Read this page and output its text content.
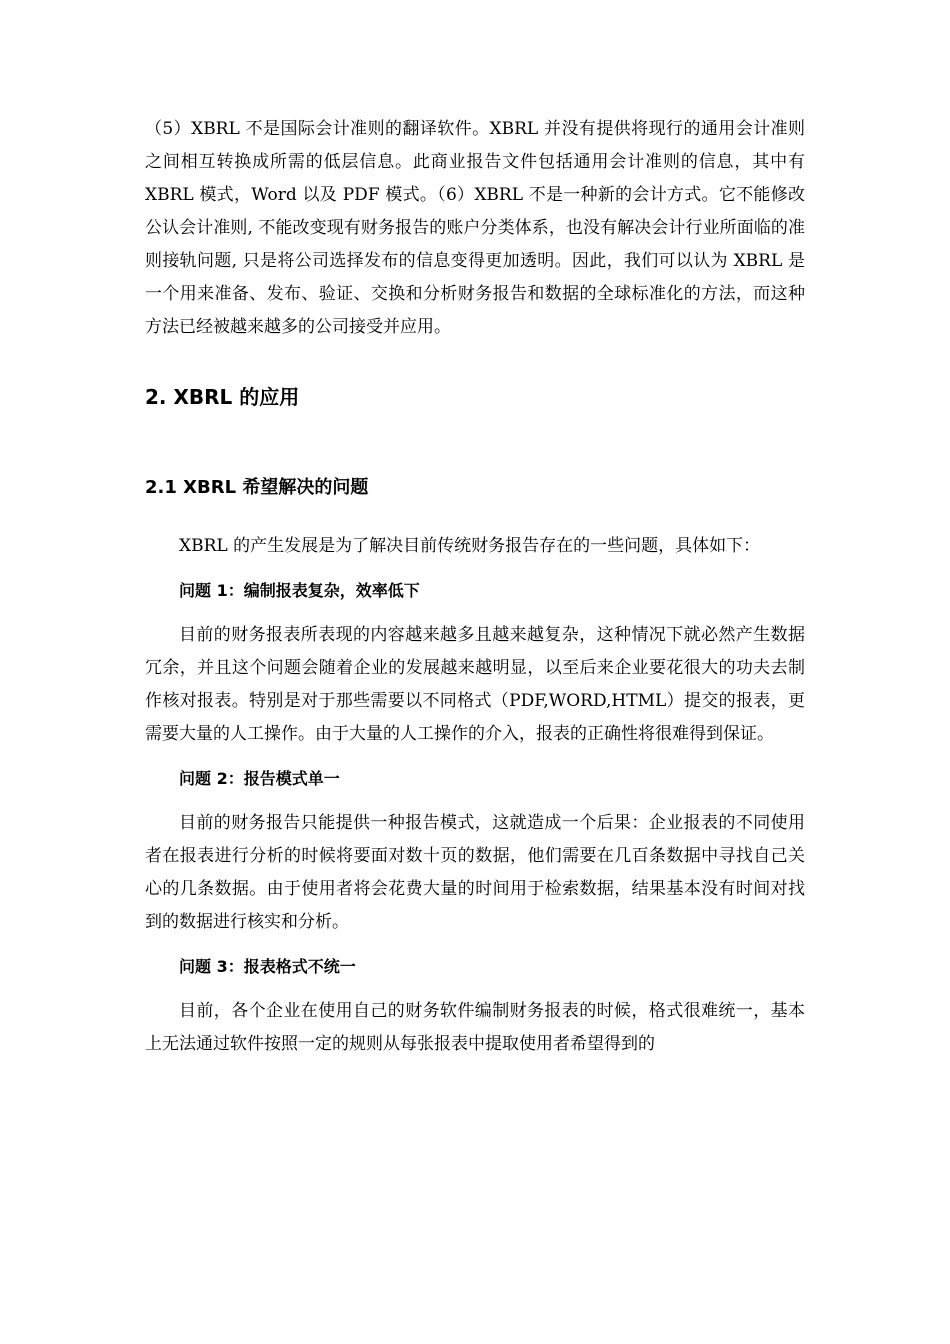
（5）XBRL 不是国际会计准则的翻译软件。XBRL 并没有提供将现行的通用会计准则之间相互转换成所需的低层信息。此商业报告文件包括通用会计准则的信息，其中有 XBRL 模式，Word 以及 PDF 模式。（6）XBRL 不是一种新的会计方式。它不能修改公认会计准则, 不能改变现有财务报告的账户分类体系，也没有解决会计行业所面临的准则接轨问题, 只是将公司选择发布的信息变得更加透明。因此，我们可以认为 XBRL 是一个用来准备、发布、验证、交换和分析财务报告和数据的全球标准化的方法，而这种方法已经被越来越多的公司接受并应用。

2. XBRL 的应用
2.1 XBRL 希望解决的问题

XBRL 的产生发展是为了解决目前传统财务报告存在的一些问题，具体如下：

问题 1：编制报表复杂，效率低下

目前的财务报表所表现的内容越来越多且越来越复杂，这种情况下就必然产生数据冗余，并且这个问题会随着企业的发展越来越明显，以至后来企业要花很大的功夫去制作核对报表。特别是对于那些需要以不同格式（PDF,WORD,HTML）提交的报表，更需要大量的人工操作。由于大量的人工操作的介入，报表的正确性将很难得到保证。

问题 2：报告模式单一

目前的财务报告只能提供一种报告模式，这就造成一个后果：企业报表的不同使用者在报表进行分析的时候将要面对数十页的数据，他们需要在几百条数据中寻找自己关心的几条数据。由于使用者将会花费大量的时间用于检索数据，结果基本没有时间对找到的数据进行核实和分析。

问题 3：报表格式不统一

目前，各个企业在使用自己的财务软件编制财务报表的时候，格式很难统一，基本上无法通过软件按照一定的规则从每张报表中提取使用者希望得到的
